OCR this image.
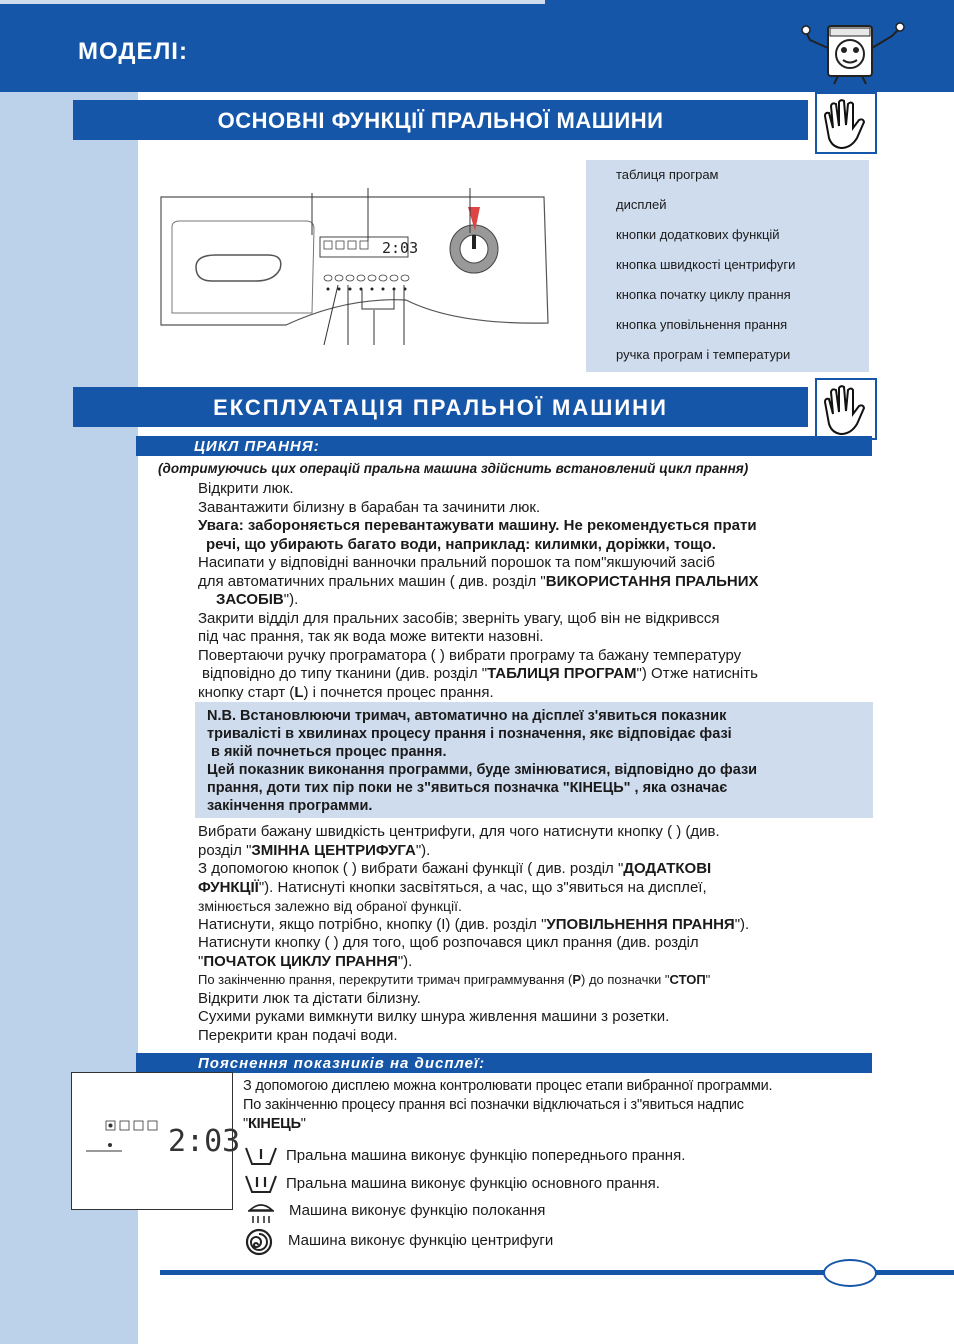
МОДЕЛІ:
ОСНОВНІ ФУНКЦІЇ ПРАЛЬНОЇ МАШИНИ
2:03
таблиця програм
дисплей
кнопки додаткових функцій
кнопка швидкості центрифуги
кнопка початку циклу прання
кнопка уповільнення прання
ручка програм і температури
ЕКСПЛУАТАЦІЯ ПРАЛЬНОЇ МАШИНИ
ЦИКЛ ПРАННЯ:
(дотримуючись цих операцій пральна машина здійснить встановлений цикл прання)

Відкрити люк.

Завантажити білизну в барабан та зачинити люк.

Увага: забороняється перевантажувати машину. Не рекомендується прати

речі, що убирають багато води, наприклад: килимки, доріжки, тощо.

Насипати у відповідні ванночки пральний порошок та пом"якшуючий засіб

для автоматичних пральних машин ( див. розділ "ВИКОРИСТАННЯ ПРАЛЬНИХ

ЗАСОБІВ").

Закрити відділ для пральних засобів; зверніть увагу, щоб він не відкривсся

під час прання, так як вода може витекти назовні.

Повертаючи ручку програматора ( ) вибрати програму та бажану температуру

відповідно до типу тканини (див. розділ "ТАБЛИЦЯ ПРОГРАМ") Отже натисніть

кнопку старт (L) і почнется процес прання.

N.B. Встановлюючи тримач, автоматично на дісплеї з'явиться показник

тривалісті в хвилинах процесу прання і позначення, якє відповідає фазі

в якій почнеться процес прання.

Цей показник виконання программи, буде змінюватися, відповідно до фази

прання, доти тих пір поки не з"явиться позначка "КІНЕЦЬ" , яка означає

закінчення программи.

Вибрати бажану швидкість центрифуги, для чого натиснути кнопку ( ) (див.

розділ "ЗМІННА ЦЕНТРИФУГА").

З допомогою кнопок ( ) вибрати бажані функції ( див. розділ "ДОДАТКОВІ

ФУНКЦІЇ"). Натиснуті кнопки засвітяться, а час, що з"явиться на дисплеї,

змінюється залежно від обраної функції.

Натиснути, якщо потрібно, кнопку (I) (див. розділ "УПОВІЛЬНЕННЯ ПРАННЯ").

Натиснути кнопку ( ) для того, щоб розпочався цикл прання (див. розділ

"ПОЧАТОК ЦИКЛУ ПРАННЯ").

По закінченню прання, перекрутити тримач приграммування (Р) до позначки "СТОП"

Відкрити люк та дістати білизну.

Сухими руками вимкнути вилку шнура живлення машини з розетки.

Перекрити кран подачі води.

Пояснення показників на дисплеї:
2:03
З допомогою дисплею можна контролювати процес етапи вибранної программи.
По закінченню процесу прання всі позначки відключаться і з"явиться надпис
"КІНЕЦЬ"
Пральна машина виконує функцію попереднього прання.
Пральна машина виконує функцію основного прання.
Машина виконує функцію полокання
Машина виконує функцію центрифуги
